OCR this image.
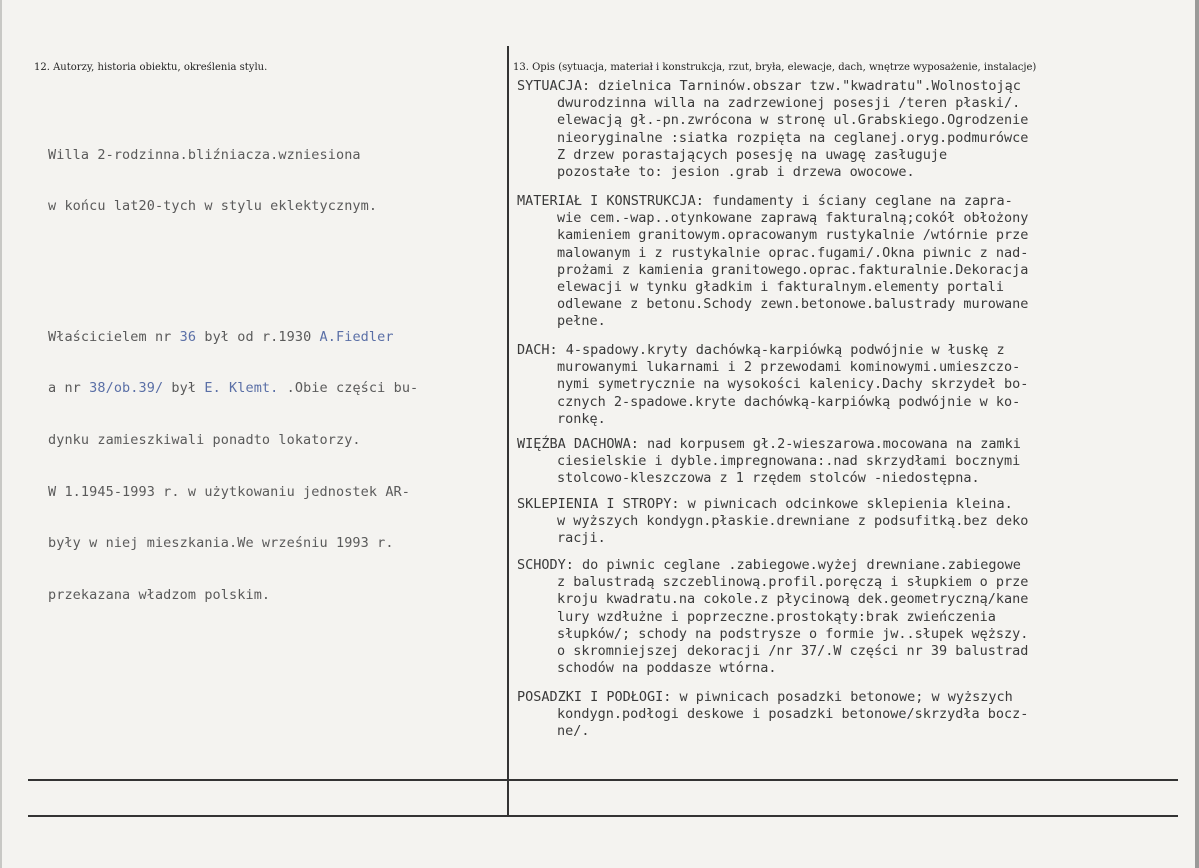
12. Autorzy, historia obiektu, określenia stylu.

Willa 2-rodzinna.bliźniacza.wzniesiona

w końcu lat20-tych w stylu eklektycznym.

Właścicielem nr 36 był od r.1930 A.Fiedler

a nr 38/ob.39/ był E. Klemt. .Obie części bu-

dynku zamieszkiwali ponadto lokatorzy.

W 1.1945-1993 r. w użytkowaniu jednostek AR-

były w niej mieszkania.We wrześniu 1993 r.

przekazana władzom polskim.

13. Opis (sytuacja, materiał i konstrukcja, rzut, bryła, elewacje, dach, wnętrze wyposażenie, instalacje)
SYTUACJA: dzielnica Tarninów.obszar tzw."kwadratu".Wolnostojąc
dwurodzinna willa na zadrzewionej posesji /teren płaski/.
elewacją gł.-pn.zwrócona w stronę ul.Grabskiego.Ogrodzenie
nieoryginalne :siatka rozpięta na ceglanej.oryg.podmurówce
Z drzew porastających posesję na uwagę zasługuje
pozostałe to: jesion .grab i drzewa owocowe.
MATERIAŁ I KONSTRUKCJA: fundamenty i ściany ceglane na zapra-
wie cem.-wap..otynkowane zaprawą fakturalną;cokół obłożony
kamieniem granitowym.opracowanym rustykalnie /wtórnie prze
malowanym i z rustykalnie oprac.fugami/.Okna piwnic z nad-
prożami z kamienia granitowego.oprac.fakturalnie.Dekoracja
elewacji w tynku gładkim i fakturalnym.elementy portali
odlewane z betonu.Schody zewn.betonowe.balustrady murowane
pełne.
DACH: 4-spadowy.kryty dachówką-karpiówką podwójnie w łuskę z
murowanymi lukarnami i 2 przewodami kominowymi.umieszczo-
nymi symetrycznie na wysokości kalenicy.Dachy skrzydeł bo-
cznych 2-spadowe.kryte dachówką-karpiówką podwójnie w ko-
ronkę.
WIĘŹBA DACHOWA: nad korpusem gł.2-wieszarowa.mocowana na zamki
ciesielskie i dyble.impregnowana:.nad skrzydłami bocznymi
stolcowo-kleszczowa z 1 rzędem stolców -niedostępna.
SKLEPIENIA I STROPY: w piwnicach odcinkowe sklepienia kleina.
w wyższych kondygn.płaskie.drewniane z podsufitką.bez deko
racji.
SCHODY: do piwnic ceglane .zabiegowe.wyżej drewniane.zabiegowe
z balustradą szczeblinową.profil.poręczą i słupkiem o prze
kroju kwadratu.na cokole.z płycinową dek.geometryczną/kane
lury wzdłużne i poprzeczne.prostokąty:brak zwieńczenia
słupków/; schody na podstrysze o formie jw..słupek węższy.
o skromniejszej dekoracji /nr 37/.W części nr 39 balustrad
schodów na poddasze wtórna.
POSADZKI I PODŁOGI: w piwnicach posadzki betonowe; w wyższych
kondygn.podłogi deskowe i posadzki betonowe/skrzydła bocz-
ne/.
